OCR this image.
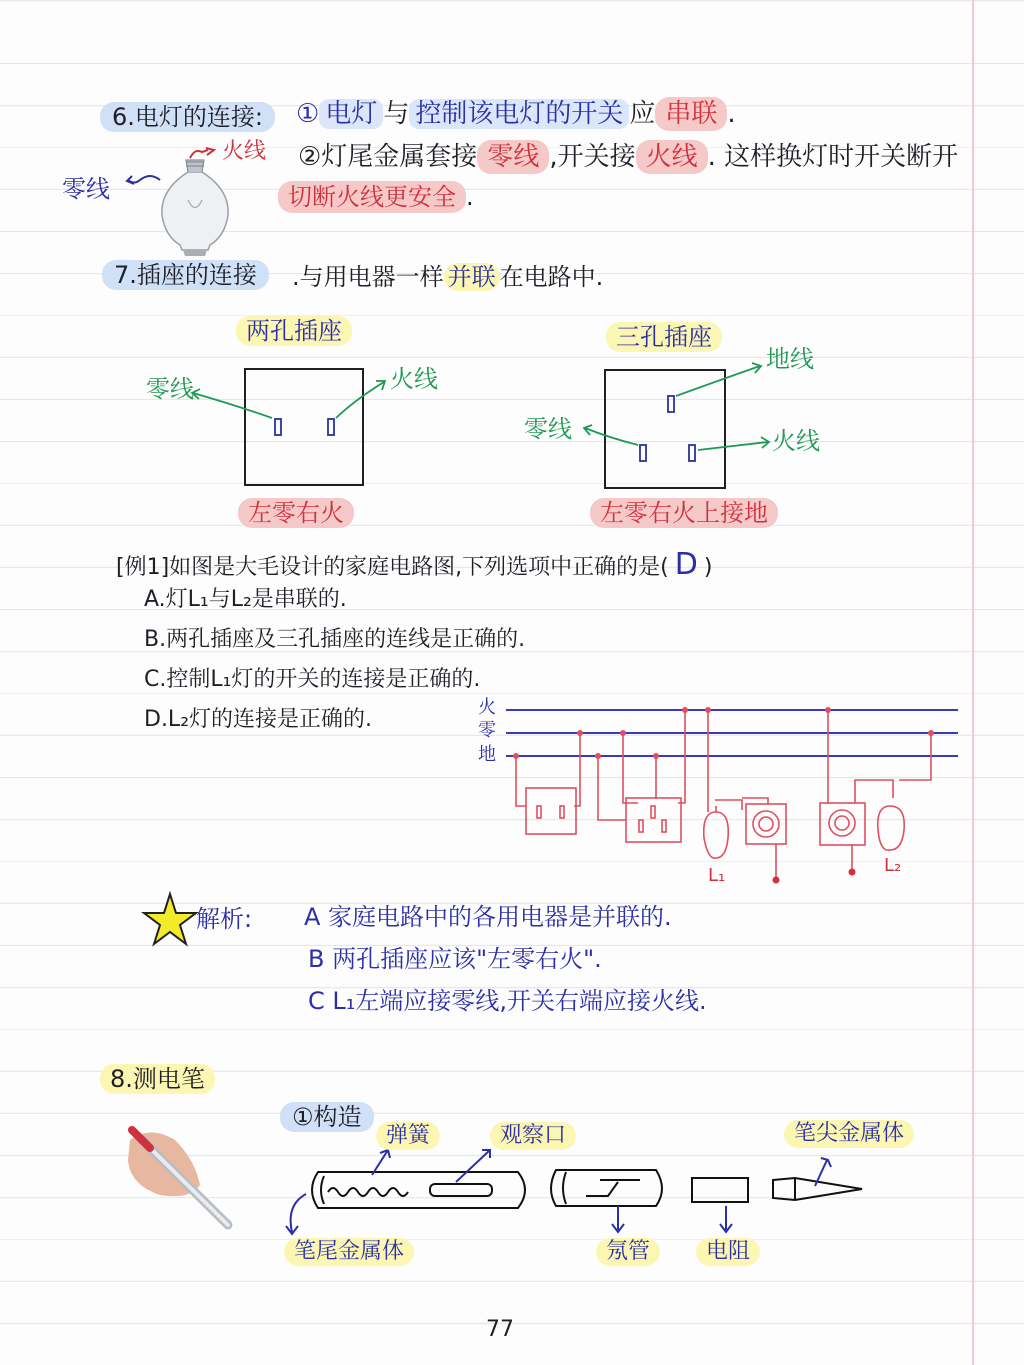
6.电灯的连接:	① 电灯 与 控制该电灯的开关 应 串联 .
②灯尾金属套接 零线 ,开关接 火线 . 这样换灯时开关断开
切断火线更安全 .
火线
零线
7.插座的连接	.与用电器一样 并联 在电路中.
两孔插座
零线	火线
左零右火
三孔插座
地线
零线	火线
左零右火上接地
[例1]如图是大毛设计的家庭电路图,下列选项中正确的是( D )
A.灯L₁与L₂是串联的.
B.两孔插座及三孔插座的连线是正确的.
C.控制L₁灯的开关的连接是正确的.
D.L₂灯的连接是正确的.	火
零
地
L₁	L₂
解析: A 家庭电路中的各用电器是并联的.
B 两孔插座应该"左零右火".
C L₁左端应接零线,开关右端应接火线.
8.测电笔
①构造
弹簧	观察口	笔尖金属体
笔尾金属体	氖管	电阻
77
